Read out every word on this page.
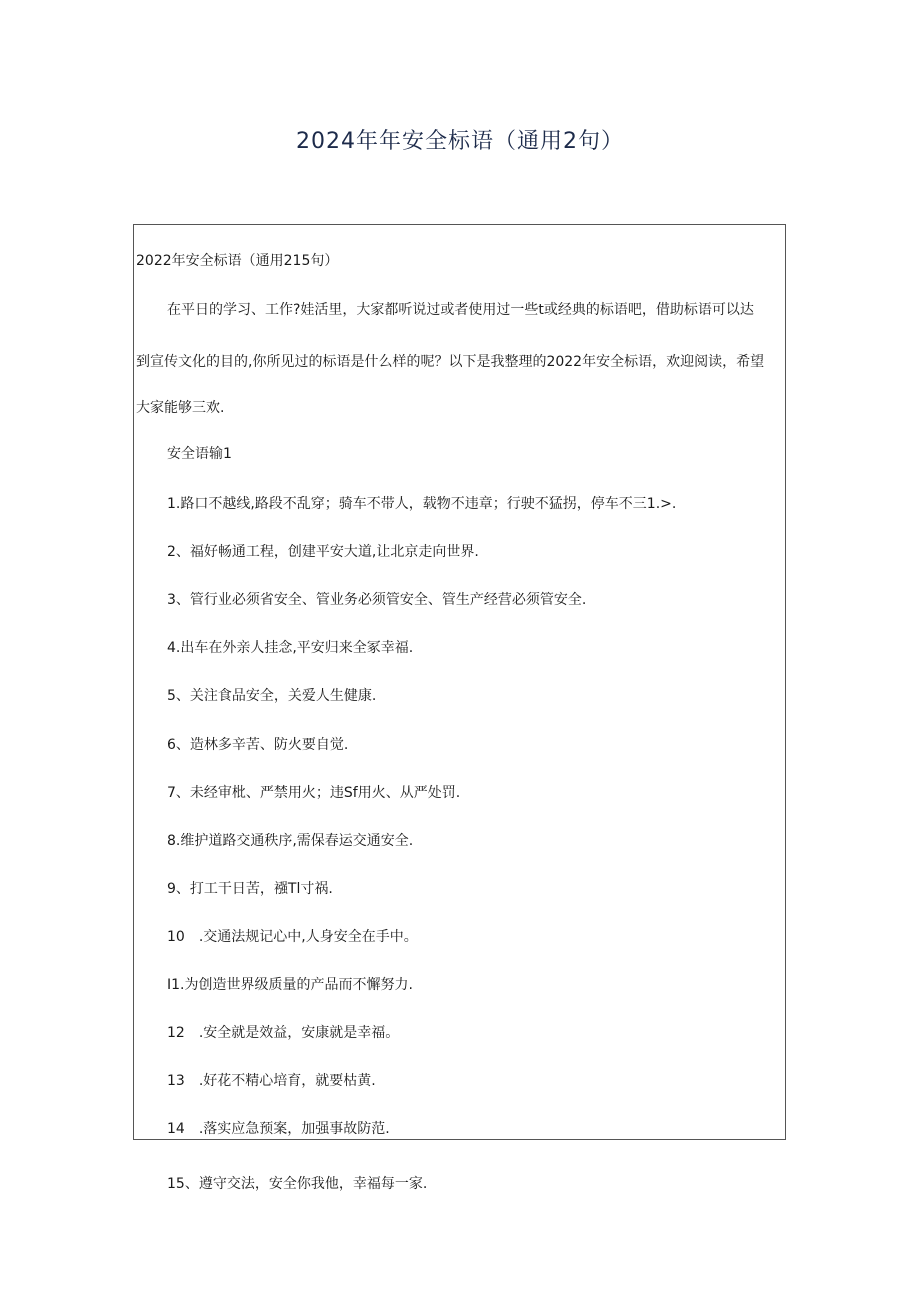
2024年年安全标语（通用2句）
2022年安全标语（通用215句）
在平日的学习、工作?娃活里，大家都听说过或者使用过一些t或经典的标语吧，借助标语可以达
到宣传文化的目的,你所见过的标语是什么样的呢？以下是我整理的2022年安全标语，欢迎阅读，希望
大家能够三欢.
安全语输1
1.路口不越线,路段不乱穿；骑车不带人，载物不违章；行驶不猛拐，停车不三1.>.
2、福好畅通工程，创建平安大道,让北京走向世界.
3、管行业必须省安全、管业务必须管安全、管生产经营必须管安全.
4.出车在外亲人挂念,平安归来全冢幸福.
5、关注食品安全，关爱人生健康.
6、造林多辛苦、防火要自觉.
7、未经审枇、严禁用火；违Sf用火、从严处罚.
8.维护道路交通秩序,需保春运交通安全.
9、打工干日苦，襁Tl寸祸.
10　.交通法规记心中,人身安全在手中。
I1.为创造世界级质量的产品而不懈努力.
12　.安全就是效益，安康就是幸福。
13　.好花不精心培育，就要枯黄.
14　.落实应急预案，加强事故防范.
15、遵守交法，安全你我他，幸福每一家.
